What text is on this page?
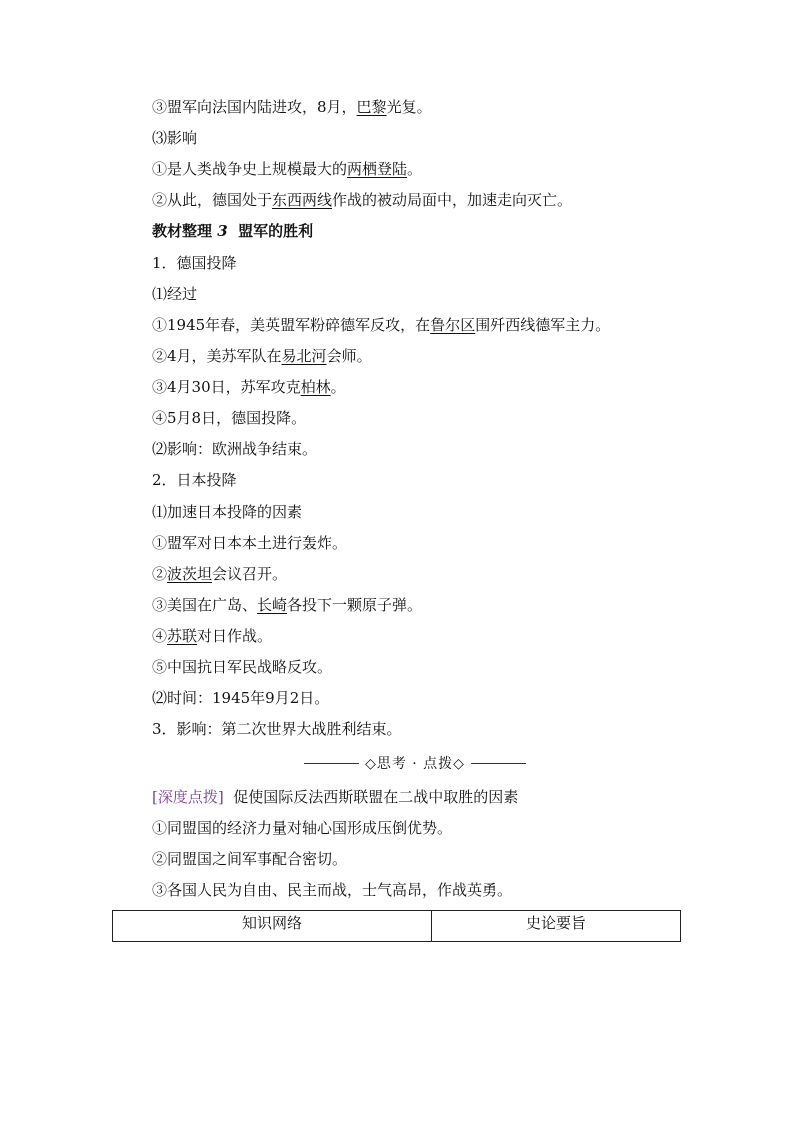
③盟军向法国内陆进攻，8月，巴黎光复。
⑶影响
①是人类战争史上规模最大的两栖登陆。
②从此，德国处于东西两线作战的被动局面中，加速走向灭亡。
教材整理 3 盟军的胜利
1．德国投降
⑴经过
①1945年春，美英盟军粉碎德军反攻，在鲁尔区围歼西线德军主力。
②4月，美苏军队在易北河会师。
③4月30日，苏军攻克柏林。
④5月8日，德国投降。
⑵影响：欧洲战争结束。
2．日本投降
⑴加速日本投降的因素
①盟军对日本本土进行轰炸。
②波茨坦会议召开。
③美国在广岛、长崎各投下一颗原子弹。
④苏联对日作战。
⑤中国抗日军民战略反攻。
⑵时间：1945年9月2日。
3．影响：第二次世界大战胜利结束。
◇思考 · 点拨◇
[深度点拨] 促使国际反法西斯联盟在二战中取胜的因素
①同盟国的经济力量对轴心国形成压倒优势。
②同盟国之间军事配合密切。
③各国人民为自由、民主而战，士气高昂，作战英勇。
知识网络	史论要旨
